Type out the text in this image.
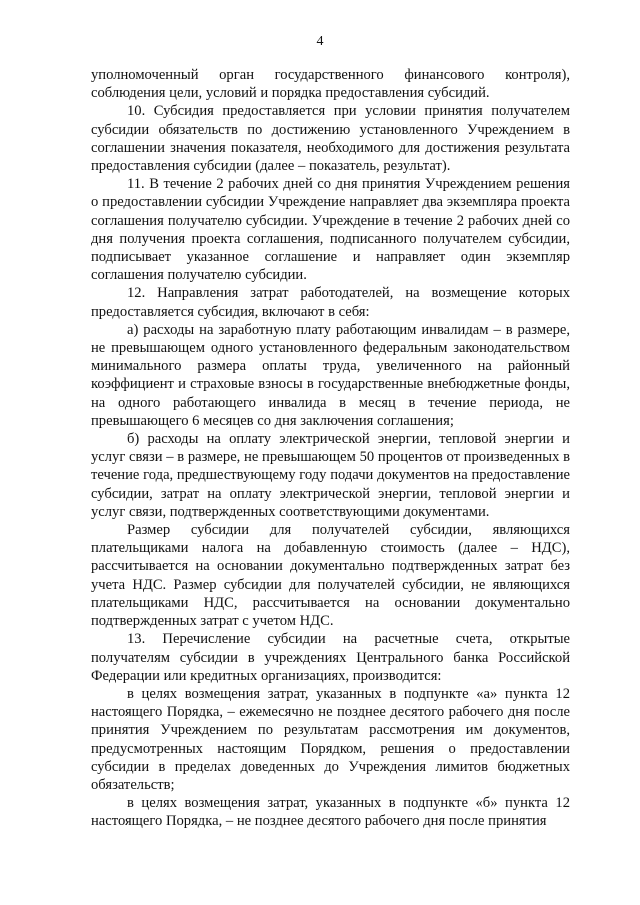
4

уполномоченный орган государственного финансового контроля), соблюдения цели, условий и порядка предоставления субсидий.

10. Субсидия предоставляется при условии принятия получателем субсидии обязательств по достижению установленного Учреждением в соглашении значения показателя, необходимого для достижения результата предоставления субсидии (далее – показатель, результат).

11. В течение 2 рабочих дней со дня принятия Учреждением решения о предоставлении субсидии Учреждение направляет два экземпляра проекта соглашения получателю субсидии. Учреждение в течение 2 рабочих дней со дня получения проекта соглашения, подписанного получателем субсидии, подписывает указанное соглашение и направляет один экземпляр соглашения получателю субсидии.

12. Направления затрат работодателей, на возмещение которых предоставляется субсидия, включают в себя:

а) расходы на заработную плату работающим инвалидам – в размере, не превышающем одного установленного федеральным законодательством минимального размера оплаты труда, увеличенного на районный коэффициент и страховые взносы в государственные внебюджетные фонды, на одного работающего инвалида в месяц в течение периода, не превышающего 6 месяцев со дня заключения соглашения;

б) расходы на оплату электрической энергии, тепловой энергии и услуг связи – в размере, не превышающем 50 процентов от произведенных в течение года, предшествующему году подачи документов на предоставление субсидии, затрат на оплату электрической энергии, тепловой энергии и услуг связи, подтвержденных соответствующими документами.

Размер субсидии для получателей субсидии, являющихся плательщиками налога на добавленную стоимость (далее – НДС), рассчитывается на основании документально подтвержденных затрат без учета НДС. Размер субсидии для получателей субсидии, не являющихся плательщиками НДС, рассчитывается на основании документально подтвержденных затрат с учетом НДС.

13. Перечисление субсидии на расчетные счета, открытые получателям субсидии в учреждениях Центрального банка Российской Федерации или кредитных организациях, производится:

в целях возмещения затрат, указанных в подпункте «а» пункта 12 настоящего Порядка, – ежемесячно не позднее десятого рабочего дня после принятия Учреждением по результатам рассмотрения им документов, предусмотренных настоящим Порядком, решения о предоставлении субсидии в пределах доведенных до Учреждения лимитов бюджетных обязательств;

в целях возмещения затрат, указанных в подпункте «б» пункта 12 настоящего Порядка, – не позднее десятого рабочего дня после принятия
